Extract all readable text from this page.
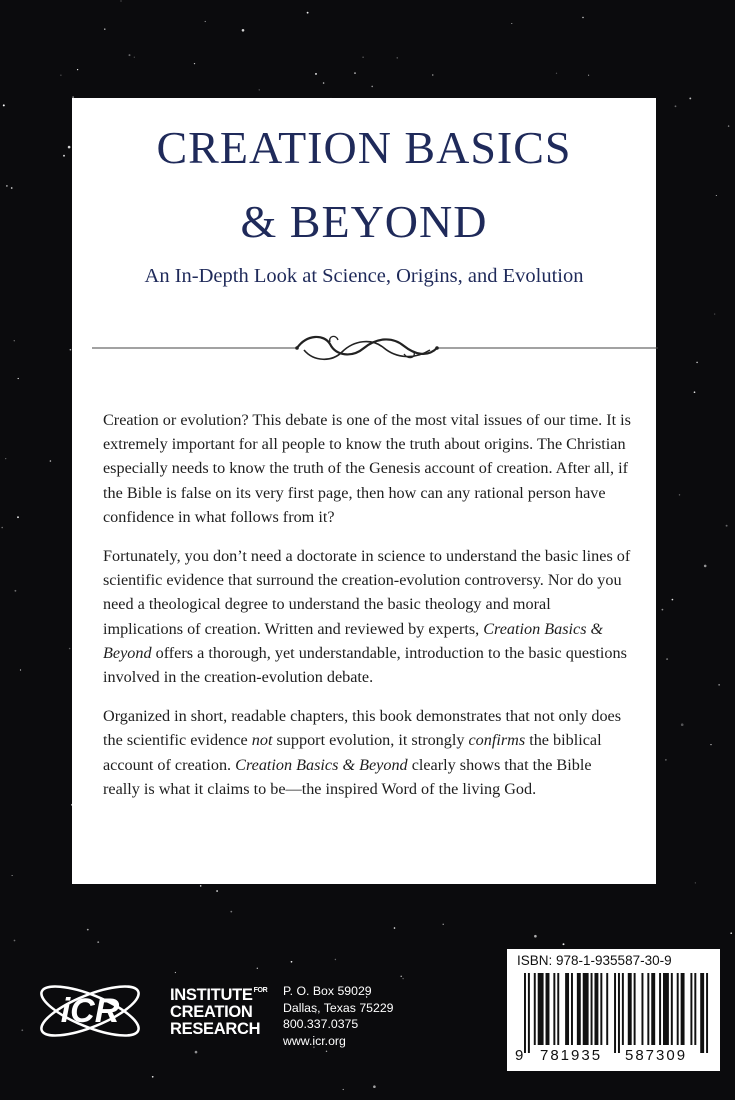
CREATION BASICS
& BEYOND
An In-Depth Look at Science, Origins, and Evolution

Creation or evolution? This debate is one of the most vital issues of our time. It is extremely important for all people to know the truth about origins. The Christian especially needs to know the truth of the Genesis account of creation. After all, if the Bible is false on its very first page, then how can any rational person have confidence in what follows from it?

Fortunately, you don’t need a doctorate in science to understand the basic lines of scientific evidence that surround the creation-evolution controversy. Nor do you need a theological degree to understand the basic theology and moral implications of creation. Written and reviewed by experts, Creation Basics & Beyond offers a thorough, yet understandable, introduction to the basic questions involved in the creation-evolution debate.

Organized in short, readable chapters, this book demonstrates that not only does the scientific evidence not support evolution, it strongly confirms the biblical account of creation. Creation Basics & Beyond clearly shows that the Bible really is what it claims to be—the inspired Word of the living God.

iCR	INSTITUTEFOR
CREATION
RESEARCH
P. O. Box 59029
Dallas, Texas 75229
800.337.0375
www.icr.org
ISBN: 978-1-935587-30-9
9 781935 587309
